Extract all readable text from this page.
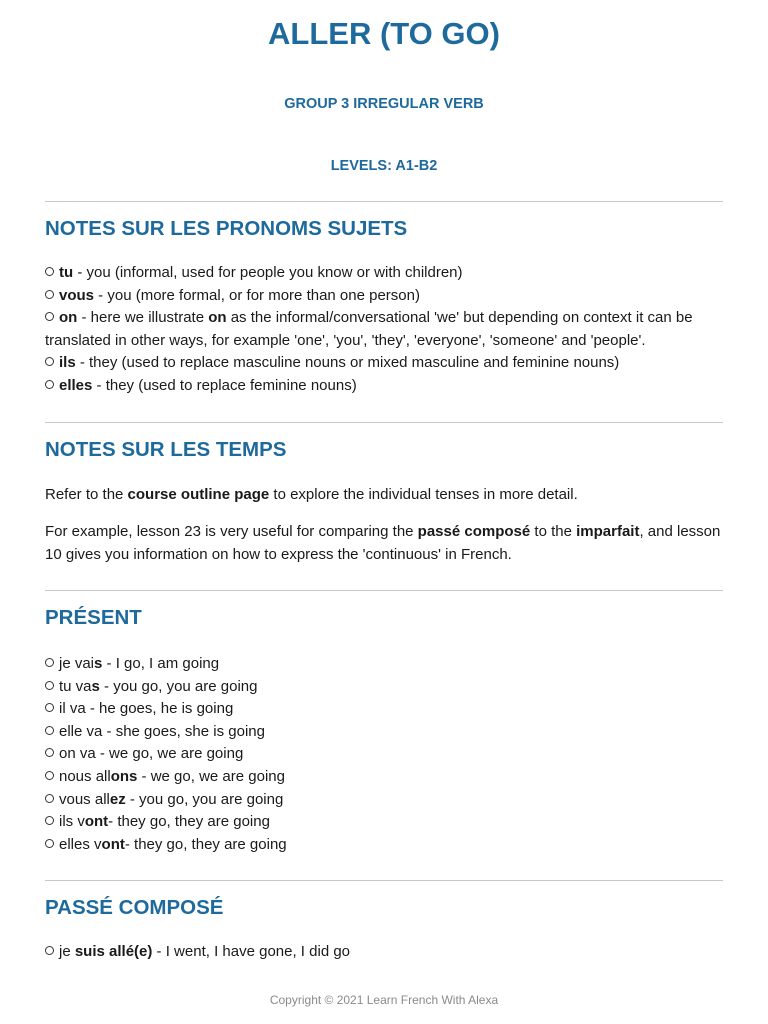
ALLER (TO GO)

GROUP 3 IRREGULAR VERB

LEVELS: A1-B2

NOTES SUR LES PRONOMS SUJETS
tu - you (informal, used for people you know or with children)
vous - you (more formal, or for more than one person)
on - here we illustrate on as the informal/conversational 'we' but depending on context it can be translated in other ways, for example 'one', 'you', 'they', 'everyone', 'someone' and 'people'.
ils - they (used to replace masculine nouns or mixed masculine and feminine nouns)
elles - they (used to replace feminine nouns)
NOTES SUR LES TEMPS

Refer to the course outline page to explore the individual tenses in more detail.

For example, lesson 23 is very useful for comparing the passé composé to the imparfait, and lesson 10 gives you information on how to express the 'continuous' in French.

PRÉSENT
je vais - I go, I am going
tu vas - you go, you are going
il va - he goes, he is going
elle va - she goes, she is going
on va - we go, we are going
nous allons - we go, we are going
vous allez - you go, you are going
ils vont- they go, they are going
elles vont- they go, they are going
PASSÉ COMPOSÉ
je suis allé(e) - I went, I have gone, I did go

Copyright © 2021 Learn French With Alexa
